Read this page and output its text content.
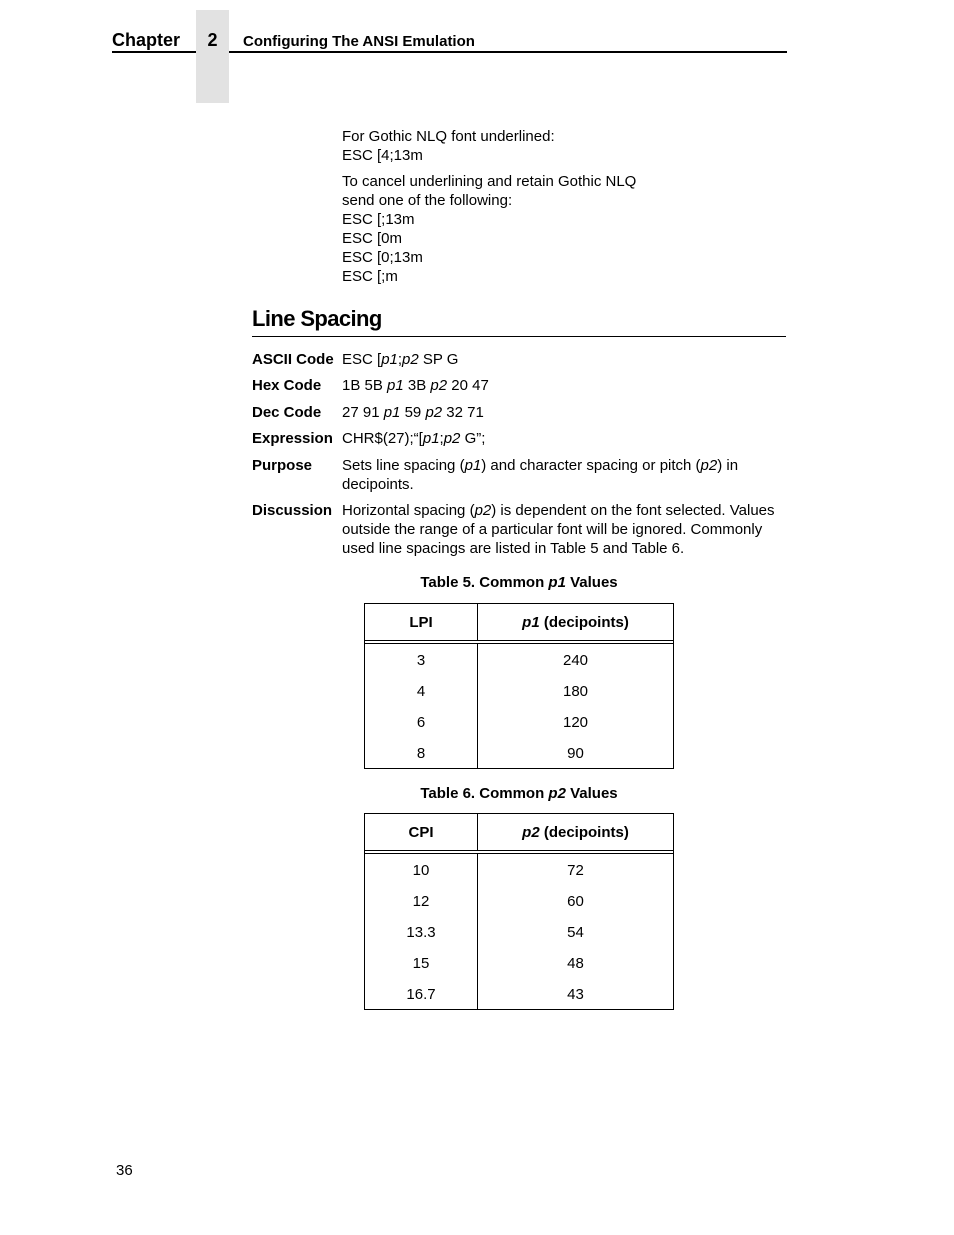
Chapter	2	Configuring The ANSI Emulation
For Gothic NLQ font underlined:
ESC [4;13m
To cancel underlining and retain Gothic NLQ
send one of the following:
ESC [;13m
ESC [0m
ESC [0;13m
ESC [;m
Line Spacing
ASCII Code ESC [p1;p2 SP G
Hex Code 1B 5B p1 3B p2 20 47
Dec Code 27 91 p1 59 p2 32 71
Expression CHR$(27);“[p1;p2 G”;
Purpose Sets line spacing (p1) and character spacing or pitch (p2) in decipoints.
Discussion Horizontal spacing (p2) is dependent on the font selected. Values outside the range of a particular font will be ignored. Commonly used line spacings are listed in Table 5 and Table 6.
Table 5. Common p1 Values
LPI	p1 (decipoints)
3	240
4	180
6	120
8	90
Table 6. Common p2 Values
CPI	p2 (decipoints)
10	72
12	60
13.3	54
15	48
16.7	43
36
